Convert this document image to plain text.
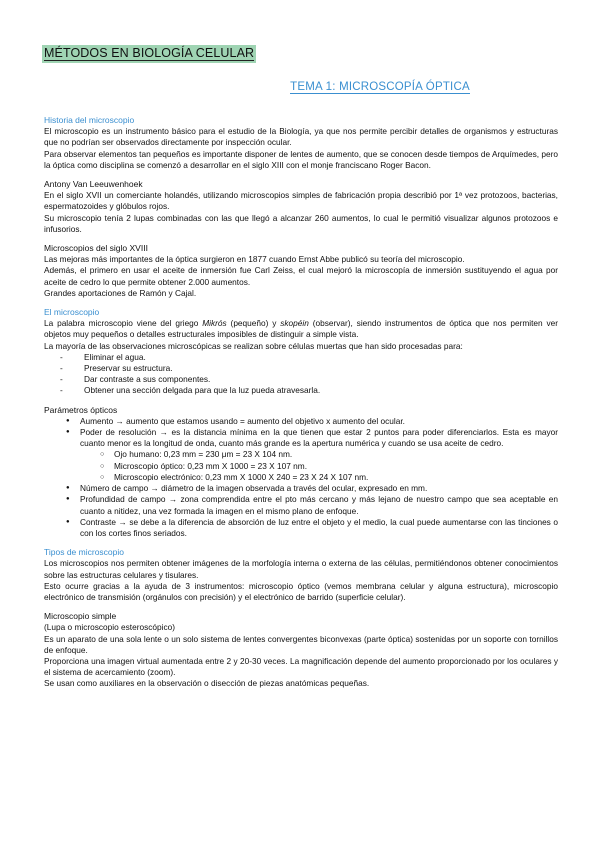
MÉTODOS EN BIOLOGÍA CELULAR
TEMA 1: MICROSCOPÍA ÓPTICA

Historia del microscopio

El microscopio es un instrumento básico para el estudio de la Biología, ya que nos permite percibir detalles de organismos y estructuras que no podrían ser observados directamente por inspección ocular.

Para observar elementos tan pequeños es importante disponer de lentes de aumento, que se conocen desde tiempos de Arquímedes, pero la óptica como disciplina se comenzó a desarrollar en el siglo XIII con el monje franciscano Roger Bacon.

Antony Van Leeuwenhoek

En el siglo XVII un comerciante holandés, utilizando microscopios simples de fabricación propia describió por 1ª vez protozoos, bacterias, espermatozoides y glóbulos rojos.

Su microscopio tenía 2 lupas combinadas con las que llegó a alcanzar 260 aumentos, lo cual le permitió visualizar algunos protozoos e infusorios.

Microscopios del siglo XVIII

Las mejoras más importantes de la óptica surgieron en 1877 cuando Ernst Abbe publicó su teoría del microscopio.

Además, el primero en usar el aceite de inmersión fue Carl Zeiss, el cual mejoró la microscopía de inmersión sustituyendo el agua por aceite de cedro lo que permite obtener 2.000 aumentos.

Grandes aportaciones de Ramón y Cajal.

El microscopio

La palabra microscopio viene del griego Mikrós (pequeño) y skopéin (observar), siendo instrumentos de óptica que nos permiten ver objetos muy pequeños o detalles estructurales imposibles de distinguir a simple vista.

La mayoría de las observaciones microscópicas se realizan sobre células muertas que han sido procesadas para:

- Eliminar el agua.
- Preservar su estructura.
- Dar contraste a sus componentes.
- Obtener una sección delgada para que la luz pueda atravesarla.

Parámetros ópticos

● Aumento → aumento que estamos usando = aumento del objetivo x aumento del ocular.
● Poder de resolución → es la distancia mínima en la que tienen que estar 2 puntos para poder diferenciarlos. Esta es mayor cuanto menor es la longitud de onda, cuanto más grande es la apertura numérica y cuando se usa aceite de cedro.
○ Ojo humano: 0,23 mm = 230 μm = 23 X 104 nm.
○ Microscopio óptico: 0,23 mm X 1000 = 23 X 107 nm.
○ Microscopio electrónico: 0,23 mm X 1000 X 240 = 23 X 24 X 107 nm.
● Número de campo → diámetro de la imagen observada a través del ocular, expresado en mm.
● Profundidad de campo → zona comprendida entre el pto más cercano y más lejano de nuestro campo que sea aceptable en cuanto a nitidez, una vez formada la imagen en el mismo plano de enfoque.
● Contraste → se debe a la diferencia de absorción de luz entre el objeto y el medio, la cual puede aumentarse con las tinciones o con los cortes finos seriados.

Tipos de microscopio

Los microscopios nos permiten obtener imágenes de la morfología interna o externa de las células, permitiéndonos obtener conocimientos sobre las estructuras celulares y tisulares.

Esto ocurre gracias a la ayuda de 3 instrumentos: microscopio óptico (vemos membrana celular y alguna estructura), microscopio electrónico de transmisión (orgánulos con precisión) y el electrónico de barrido (superficie celular).

Microscopio simple

(Lupa o microscopio esteroscópico)

Es un aparato de una sola lente o un solo sistema de lentes convergentes biconvexas (parte óptica) sostenidas por un soporte con tornillos de enfoque.

Proporciona una imagen virtual aumentada entre 2 y 20-30 veces. La magnificación depende del aumento proporcionado por los oculares y el sistema de acercamiento (zoom).

Se usan como auxiliares en la observación o disección de piezas anatómicas pequeñas.
